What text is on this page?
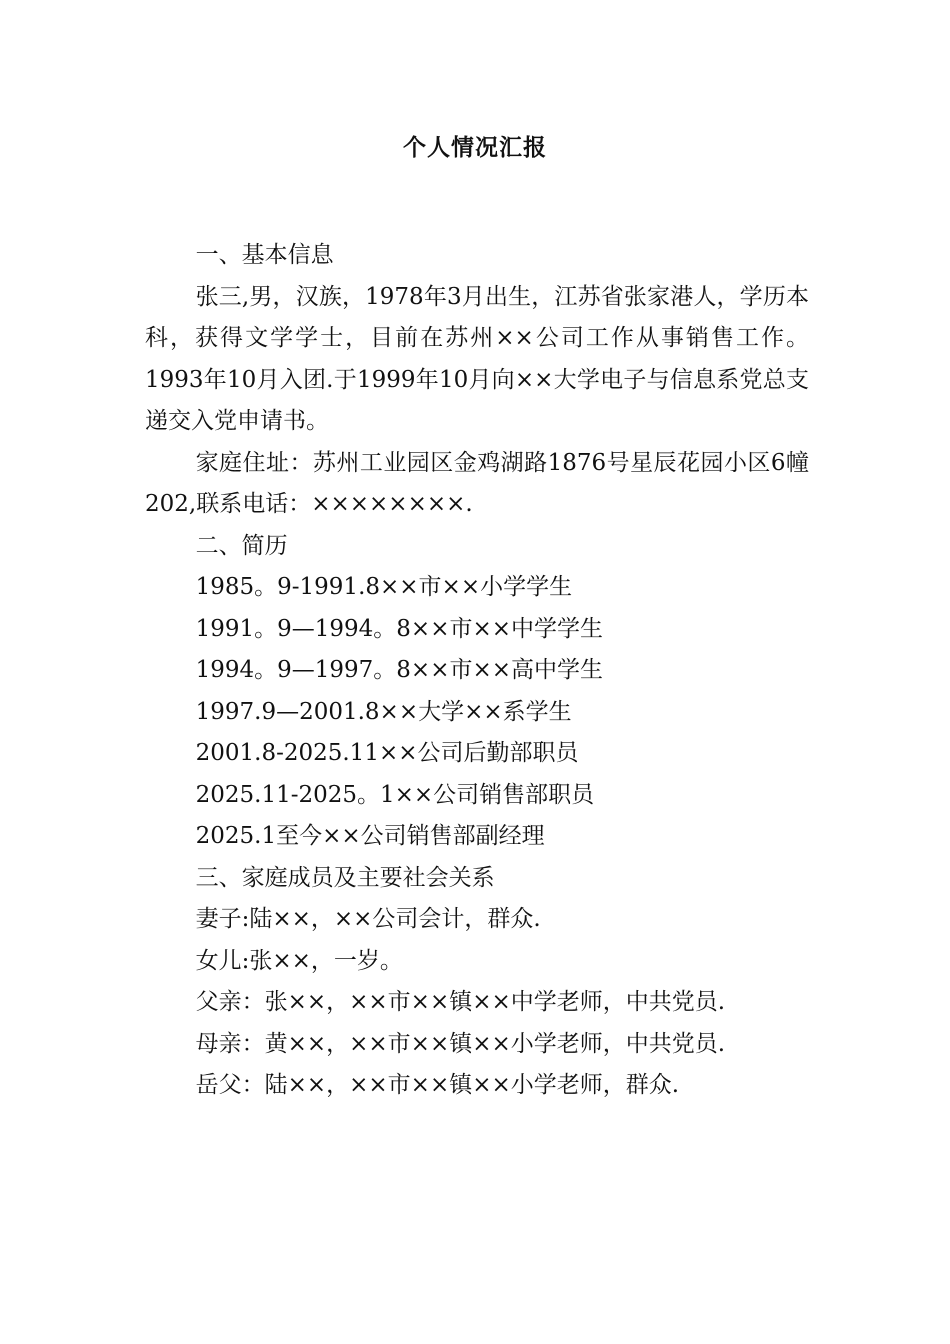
个人情况汇报

一、基本信息

张三,男，汉族，1978年3月出生，江苏省张家港人，学历本科，获得文学学士，目前在苏州××公司工作从事销售工作。1993年10月入团.于1999年10月向××大学电子与信息系党总支递交入党申请书。

家庭住址：苏州工业园区金鸡湖路1876号星辰花园小区6幢202,联系电话：××××××××.

二、简历

1985。9-1991.8××市××小学学生

1991。9—1994。8××市××中学学生

1994。9—1997。8××市××高中学生

1997.9—2001.8××大学××系学生

2001.8-2025.11××公司后勤部职员

2025.11-2025。1××公司销售部职员

2025.1至今××公司销售部副经理

三、家庭成员及主要社会关系

妻子:陆××，××公司会计，群众.

女儿:张××，一岁。

父亲：张××，××市××镇××中学老师，中共党员.

母亲：黄××，××市××镇××小学老师，中共党员.

岳父：陆××，××市××镇××小学老师，群众.
